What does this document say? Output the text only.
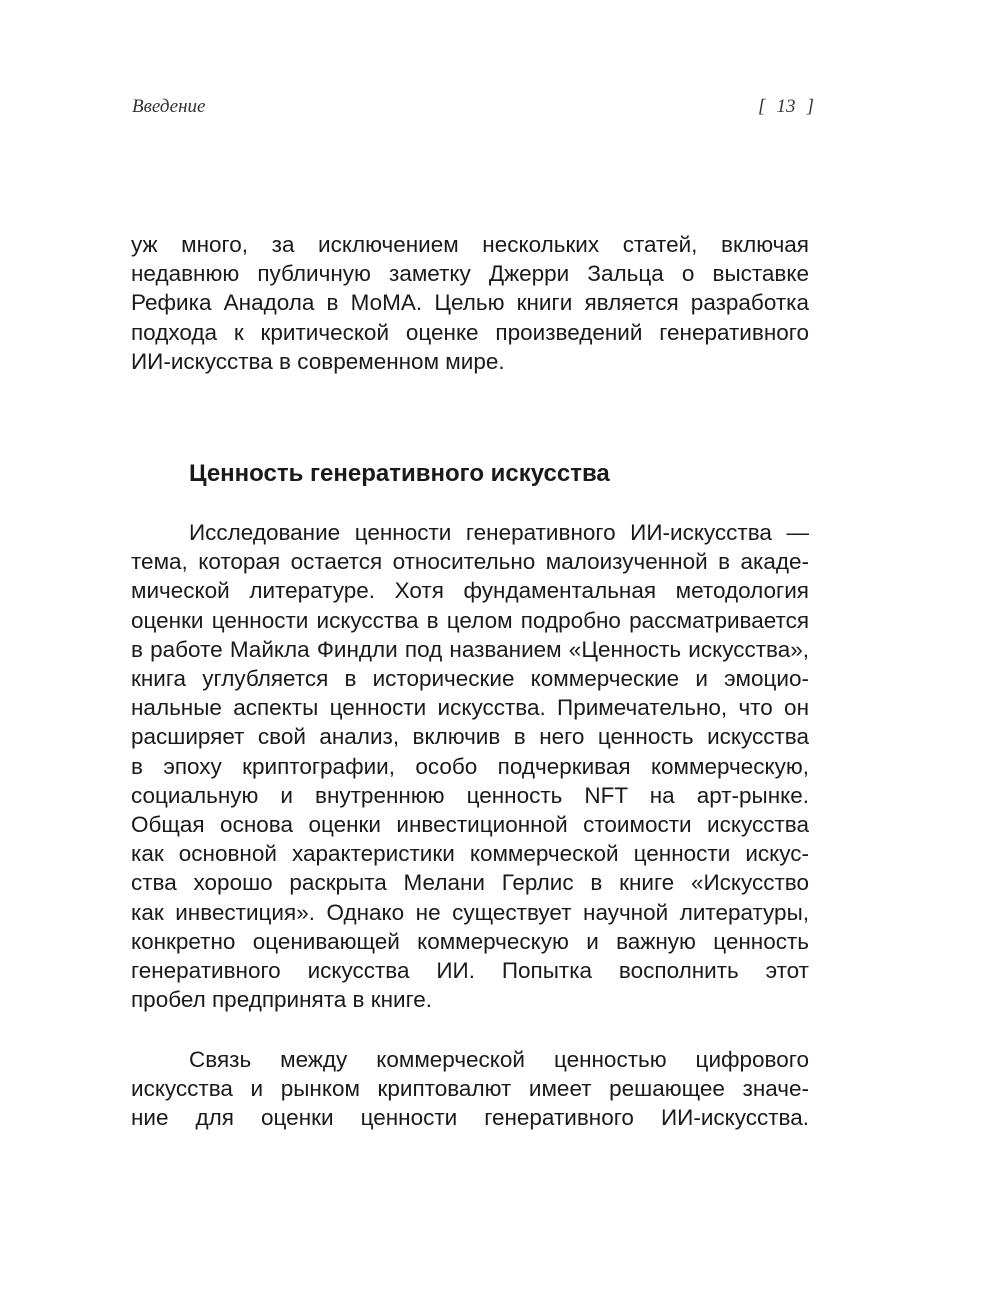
Введение	[ 13 ]
уж много, за исключением нескольких статей, включая
недавнюю публичную заметку Джерри Зальца о выставке
Рефика Анадола в МоМА. Целью книги является разработка
подхода к критической оценке произведений генеративного
ИИ-искусства в современном мире.
Ценность генеративного искусства
Исследование ценности генеративного ИИ-искусства —
тема, которая остается относительно малоизученной в акаде-
мической литературе. Хотя фундаментальная методология
оценки ценности искусства в целом подробно рассматривается
в работе Майкла Финдли под названием «Ценность искусства»,
книга углубляется в исторические коммерческие и эмоцио-
нальные аспекты ценности искусства. Примечательно, что он
расширяет свой анализ, включив в него ценность искусства
в эпоху криптографии, особо подчеркивая коммерческую,
социальную и внутреннюю ценность NFT на арт-рынке.
Общая основа оценки инвестиционной стоимости искусства
как основной характеристики коммерческой ценности искус-
ства хорошо раскрыта Мелани Герлис в книге «Искусство
как инвестиция». Однако не существует научной литературы,
конкретно оценивающей коммерческую и важную ценность
генеративного искусства ИИ. Попытка восполнить этот
пробел предпринята в книге.
Связь между коммерческой ценностью цифрового
искусства и рынком криптовалют имеет решающее значе-
ние для оценки ценности генеративного ИИ-искусства.
